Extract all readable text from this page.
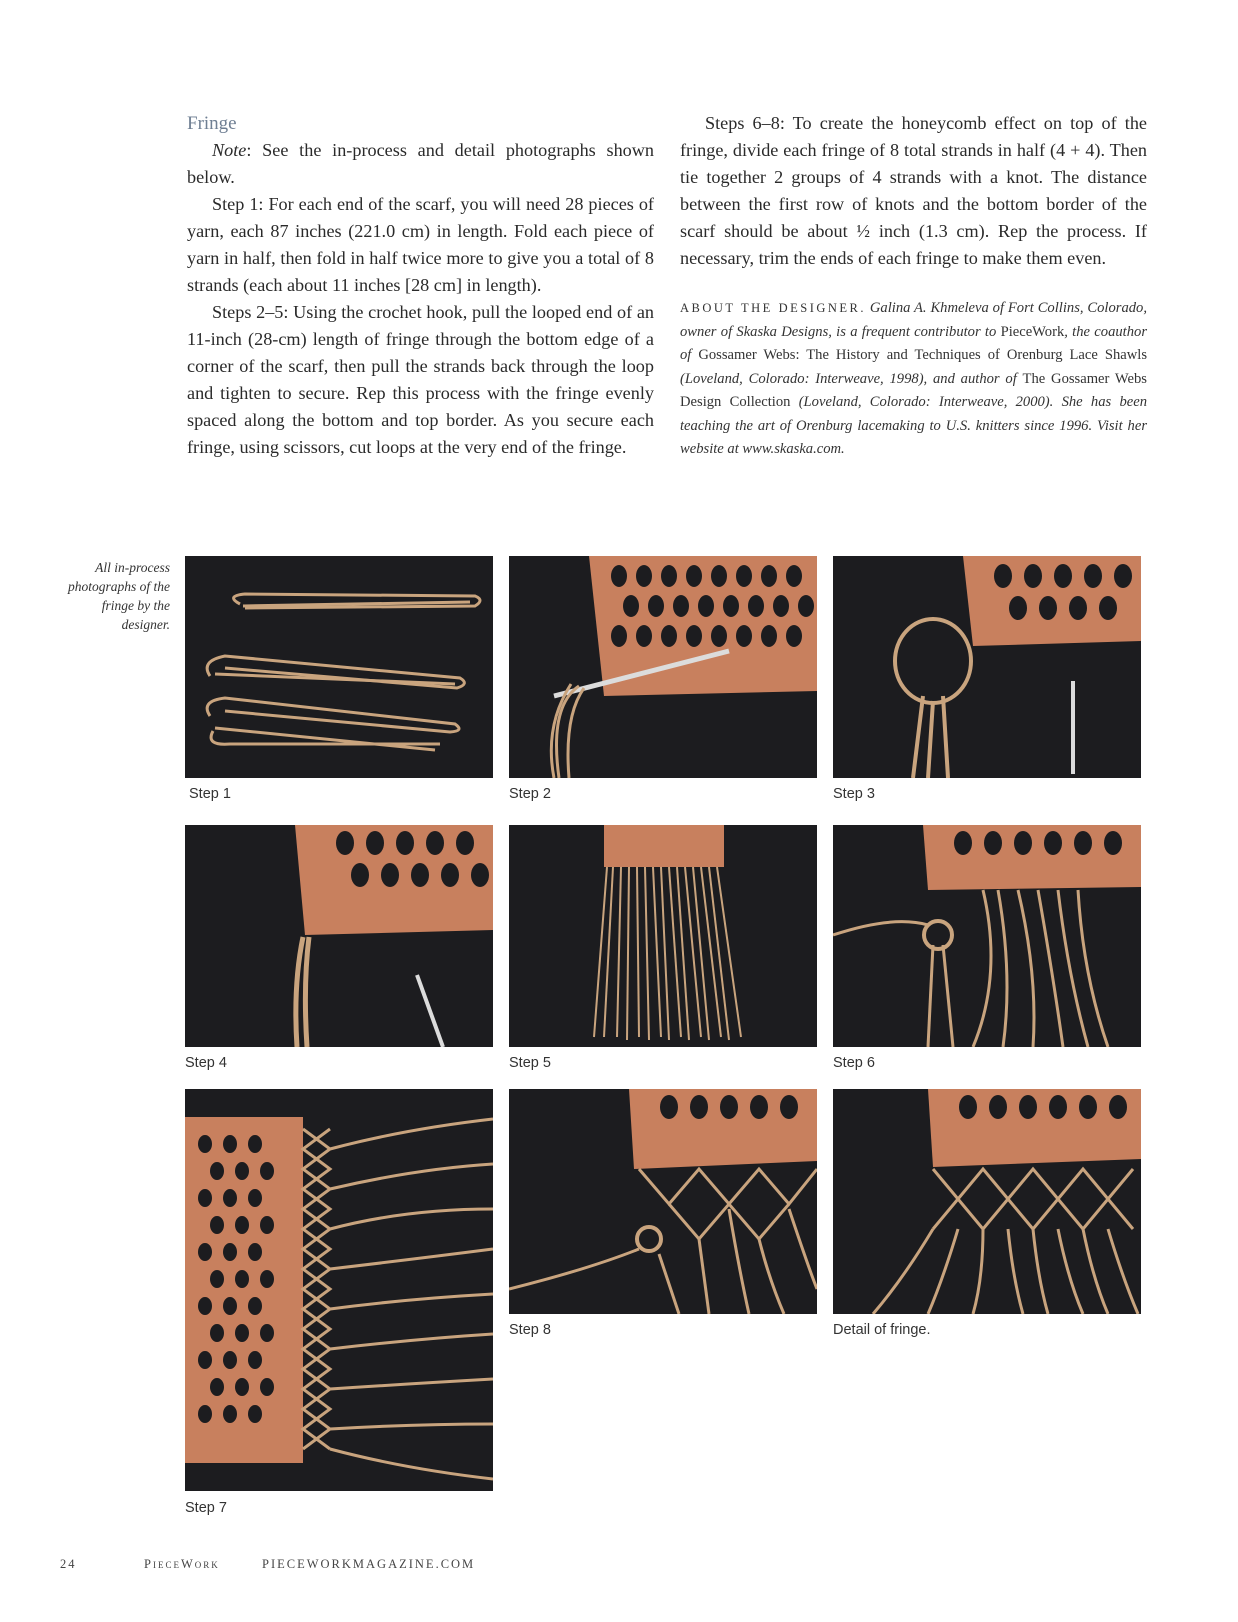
Fringe

Note: See the in-process and detail photographs shown below.

Step 1: For each end of the scarf, you will need 28 pieces of yarn, each 87 inches (221.0 cm) in length. Fold each piece of yarn in half, then fold in half twice more to give you a total of 8 strands (each about 11 inches [28 cm] in length).

Steps 2–5: Using the crochet hook, pull the looped end of an 11-inch (28-cm) length of fringe through the bottom edge of a corner of the scarf, then pull the strands back through the loop and tighten to secure. Rep this process with the fringe evenly spaced along the bottom and top border. As you secure each fringe, using scissors, cut loops at the very end of the fringe.

Steps 6–8: To create the honeycomb effect on top of the fringe, divide each fringe of 8 total strands in half (4 + 4). Then tie together 2 groups of 4 strands with a knot. The distance between the first row of knots and the bottom border of the scarf should be about ½ inch (1.3 cm). Rep the process. If necessary, trim the ends of each fringe to make them even.

ABOUT THE DESIGNER. Galina A. Khmeleva of Fort Collins, Colorado, owner of Skaska Designs, is a frequent contributor to PieceWork, the coauthor of Gossamer Webs: The History and Techniques of Orenburg Lace Shawls (Loveland, Colorado: Interweave, 1998), and author of The Gossamer Webs Design Collection (Loveland, Colorado: Interweave, 2000). She has been teaching the art of Orenburg lacemaking to U.S. knitters since 1996. Visit her website at www.skaska.com.

All in-process photographs of the fringe by the designer.
Step 1	Step 2	Step 3
Step 4	Step 5	Step 6
Step 7
Step 8	Detail of fringe.
24	PieceWork	PIECEWORKMAGAZINE.COM
